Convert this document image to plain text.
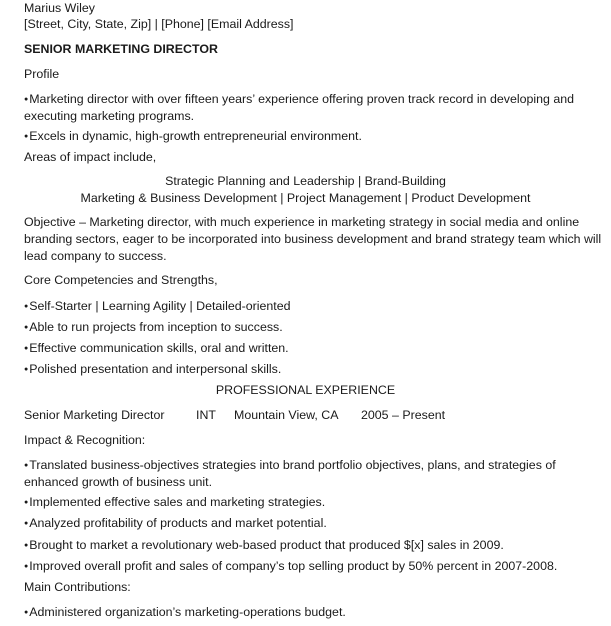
Marius Wiley
[Street, City, State, Zip] | [Phone] [Email Address]
SENIOR MARKETING DIRECTOR
Profile
● Marketing director with over fifteen years’ experience offering proven track record in developing and executing marketing programs.
● Excels in dynamic, high-growth entrepreneurial environment.
Areas of impact include,
Strategic Planning and Leadership | Brand-Building
Marketing & Business Development | Project Management | Product Development
Objective – Marketing director, with much experience in marketing strategy in social media and online branding sectors, eager to be incorporated into business development and brand strategy team which will lead company to success.
Core Competencies and Strengths,
● Self-Starter | Learning Agility | Detailed-oriented
● Able to run projects from inception to success.
● Effective communication skills, oral and written.
● Polished presentation and interpersonal skills.
PROFESSIONAL EXPERIENCE
Senior Marketing Director	INT Mountain View, CA 2005 – Present
Impact & Recognition:
● Translated business-objectives strategies into brand portfolio objectives, plans, and strategies of enhanced growth of business unit.
● Implemented effective sales and marketing strategies.
● Analyzed profitability of products and market potential.
● Brought to market a revolutionary web-based product that produced $[x] sales in 2009.
● Improved overall profit and sales of company’s top selling product by 50% percent in 2007-2008.
Main Contributions:
● Administered organization’s marketing-operations budget.
